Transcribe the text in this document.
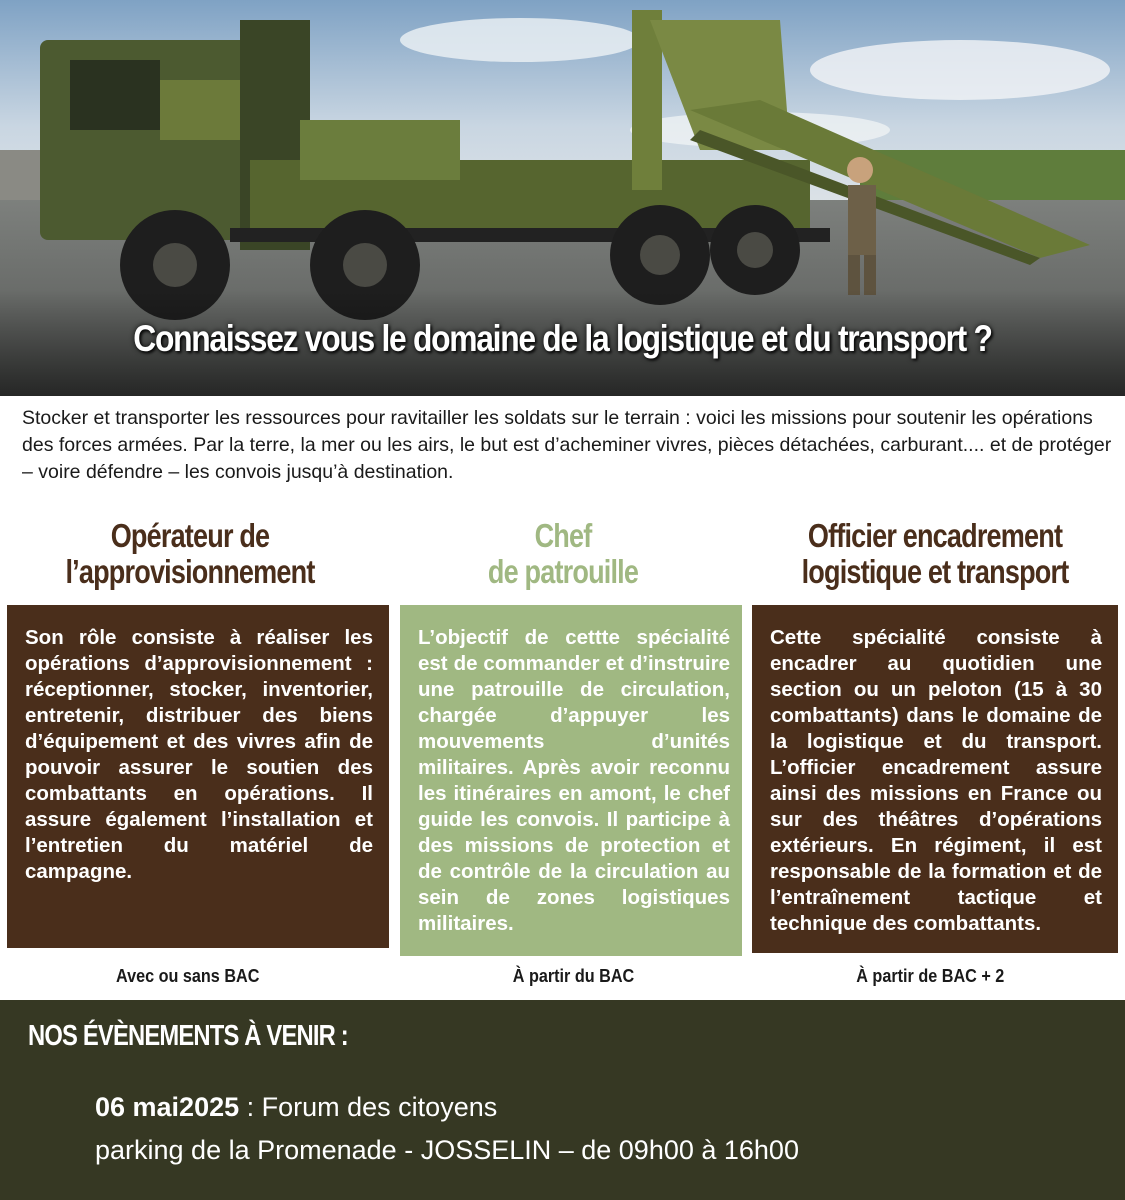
Connaissez vous le domaine de la logistique et du transport ?

Stocker et transporter les ressources pour ravitailler les soldats sur le terrain : voici les missions pour soutenir les opérations des forces armées. Par la terre, la mer ou les airs, le but est d’acheminer vivres, pièces détachées, carburant.... et de protéger – voire défendre – les convois jusqu’à destination.

Opérateur de
l’approvisionnement
Son rôle consiste à réaliser les opérations d’approvisionnement : réceptionner, stocker, inventorier, entretenir, distribuer des biens d’équipement et des vivres afin de pouvoir assurer le soutien des combattants en opérations. Il assure également l’installation et l’entretien du matériel de campagne.

Avec ou sans BAC

Chef
de patrouille
L’objectif de cettte spécialité est de commander et d’instruire une patrouille de circulation, chargée d’appuyer les mouvements d’unités militaires. Après avoir reconnu les itinéraires en amont, le chef guide les convois. Il participe à des missions de protection et de contrôle de la circulation au sein de zones logistiques militaires.

À partir du BAC

Officier encadrement
logistique et transport
Cette spécialité consiste à encadrer au quotidien une section ou un peloton (15 à 30 combattants) dans le domaine de la logistique et du transport. L’officier encadrement assure ainsi des missions en France ou sur des théâtres d’opérations extérieurs. En régiment, il est responsable de la formation et de l’entraînement tactique et technique des combattants.

À partir de BAC + 2

NOS ÉVÈNEMENTS À VENIR :

06 mai2025 : Forum des citoyens

parking de la Promenade - JOSSELIN – de 09h00 à 16h00
